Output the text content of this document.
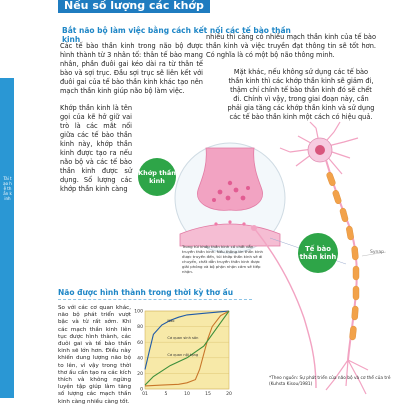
Tái tạo hệ thần kinh
Nếu số lượng các khớp
Bắt não bộ làm việc bằng cách kết nối các tế bào thần kinh

Các tế bào thần kinh trong não bộ được hình thành từ 3 nhân tố: thân tế bào mang nhân, phần đuôi gai kéo dài ra từ thân tế bào và sợi trục. Đầu sợi trục sẽ liên kết với đuôi gai của tế bào thần kinh khác tạo nên mạch thần kinh giúp não bộ làm việc.

Khớp thần kinh là tên gọi của kẽ hở giữ vai trò là các mắt nối giữa các tế bào thần kinh này, khớp thần kinh được tạo ra nếu não bộ và các tế bào thần kinh được sử dụng. Số lượng các khớp thần kinh càng

nhiều thì càng có nhiều mạch thần kinh của tế bào thần kinh và việc truyền đạt thông tin sẽ tốt hơn. Có nghĩa là có một bộ não thông minh.

Mặt khác, nếu không sử dụng các tế bào thần kinh thì các khớp thần kinh sẽ giảm đi, thậm chí chính tế bào thần kinh đó sẽ chết đi. Chính vì vậy, trong giai đoạn này, cần phải gia tăng các khớp thần kinh và sử dụng các tế bào thần kinh một cách có hiệu quả.

Khớp thần kinh
Trong túi khớp thần kinh có chất dẫn truyền thần kinh. Nếu thông tin thần kinh được truyền đến, túi khớp thần kinh sẽ di chuyển, chất dẫn truyền thần kinh được giải phóng và bộ phận nhận cảm sẽ tiếp nhận.
Tế bào thần kinh
Synap
Não được hình thành trong thời kỳ thơ ấu
So với các cơ quan khác, não bộ phát triển vượt bậc và từ rất sớm. Khi các mạch thần kinh liên tục được hình thành, các đuôi gai và tế bào thần kinh sẽ lớn hơn. Điều này khiến dung lượng não bộ to lên, vì vậy trong thời thơ ấu cần tạo ra các kích thích và không ngừng luyện tập giúp làm tăng số lượng các mạch thần kinh càng nhiều càng tốt.
0
20
40
60
80
100
01	5	10	15	20
Não
Cơ quan sinh sản
Cơ quan nội tạng
*Theo nguồn: Sự phát triển của não bộ và cơ thể của trẻ (Kuhsta Kisou/1981)
